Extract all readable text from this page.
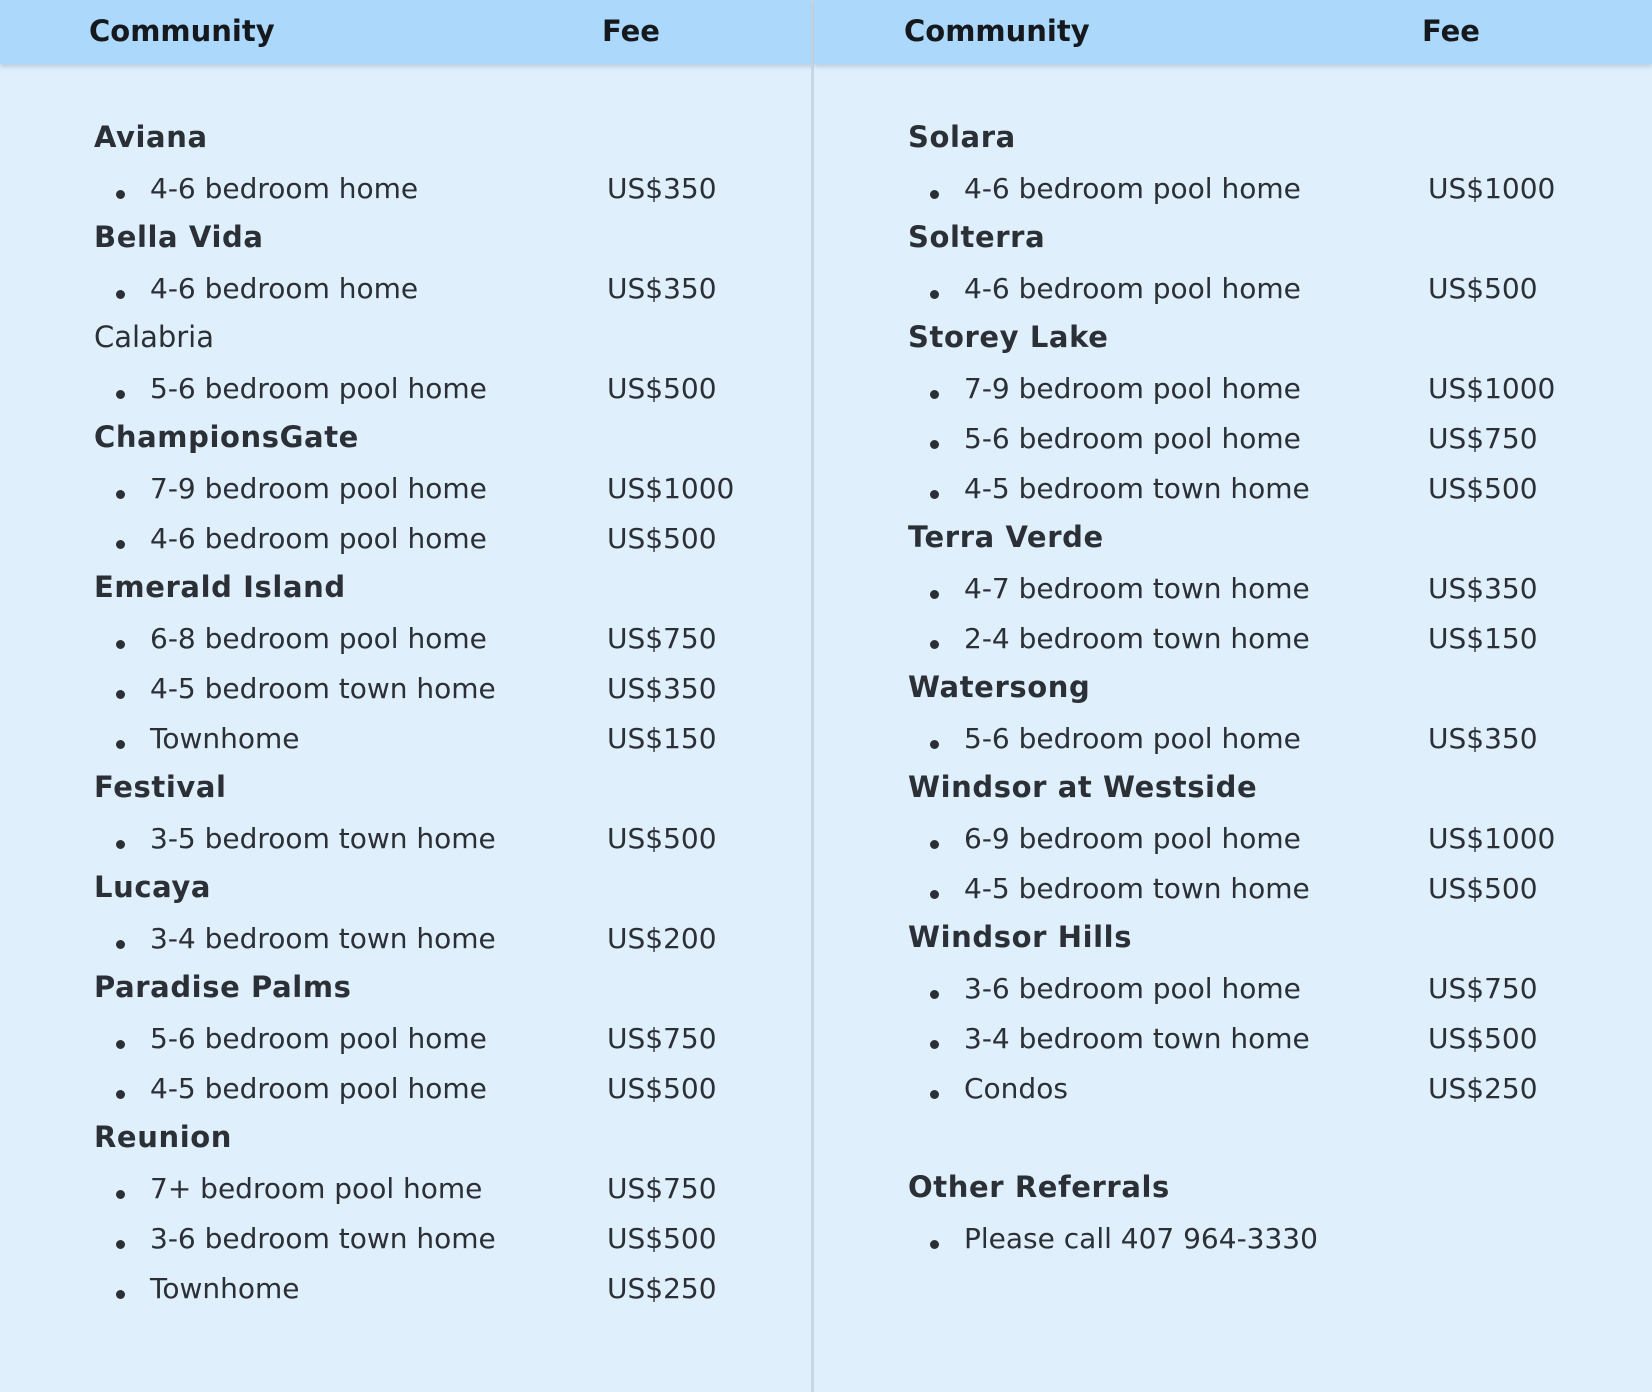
Community	Fee
Aviana
4-6 bedroom home	US$350
Bella Vida
4-6 bedroom home	US$350
Calabria
5-6 bedroom pool home	US$500
ChampionsGate
7-9 bedroom pool home	US$1000
4-6 bedroom pool home	US$500
Emerald Island
6-8 bedroom pool home	US$750
4-5 bedroom town home	US$350
Townhome	US$150
Festival
3-5 bedroom town home	US$500
Lucaya
3-4 bedroom town home	US$200
Paradise Palms
5-6 bedroom pool home	US$750
4-5 bedroom pool home	US$500
Reunion
7+ bedroom pool home	US$750
3-6 bedroom town home	US$500
Townhome	US$250
Community	Fee
Solara
4-6 bedroom pool home	US$1000
Solterra
4-6 bedroom pool home	US$500
Storey Lake
7-9 bedroom pool home	US$1000
5-6 bedroom pool home	US$750
4-5 bedroom town home	US$500
Terra Verde
4-7 bedroom town home	US$350
2-4 bedroom town home	US$150
Watersong
5-6 bedroom pool home	US$350
Windsor at Westside
6-9 bedroom pool home	US$1000
4-5 bedroom town home	US$500
Windsor Hills
3-6 bedroom pool home	US$750
3-4 bedroom town home	US$500
Condos	US$250
Other Referrals
Please call 407 964-3330
